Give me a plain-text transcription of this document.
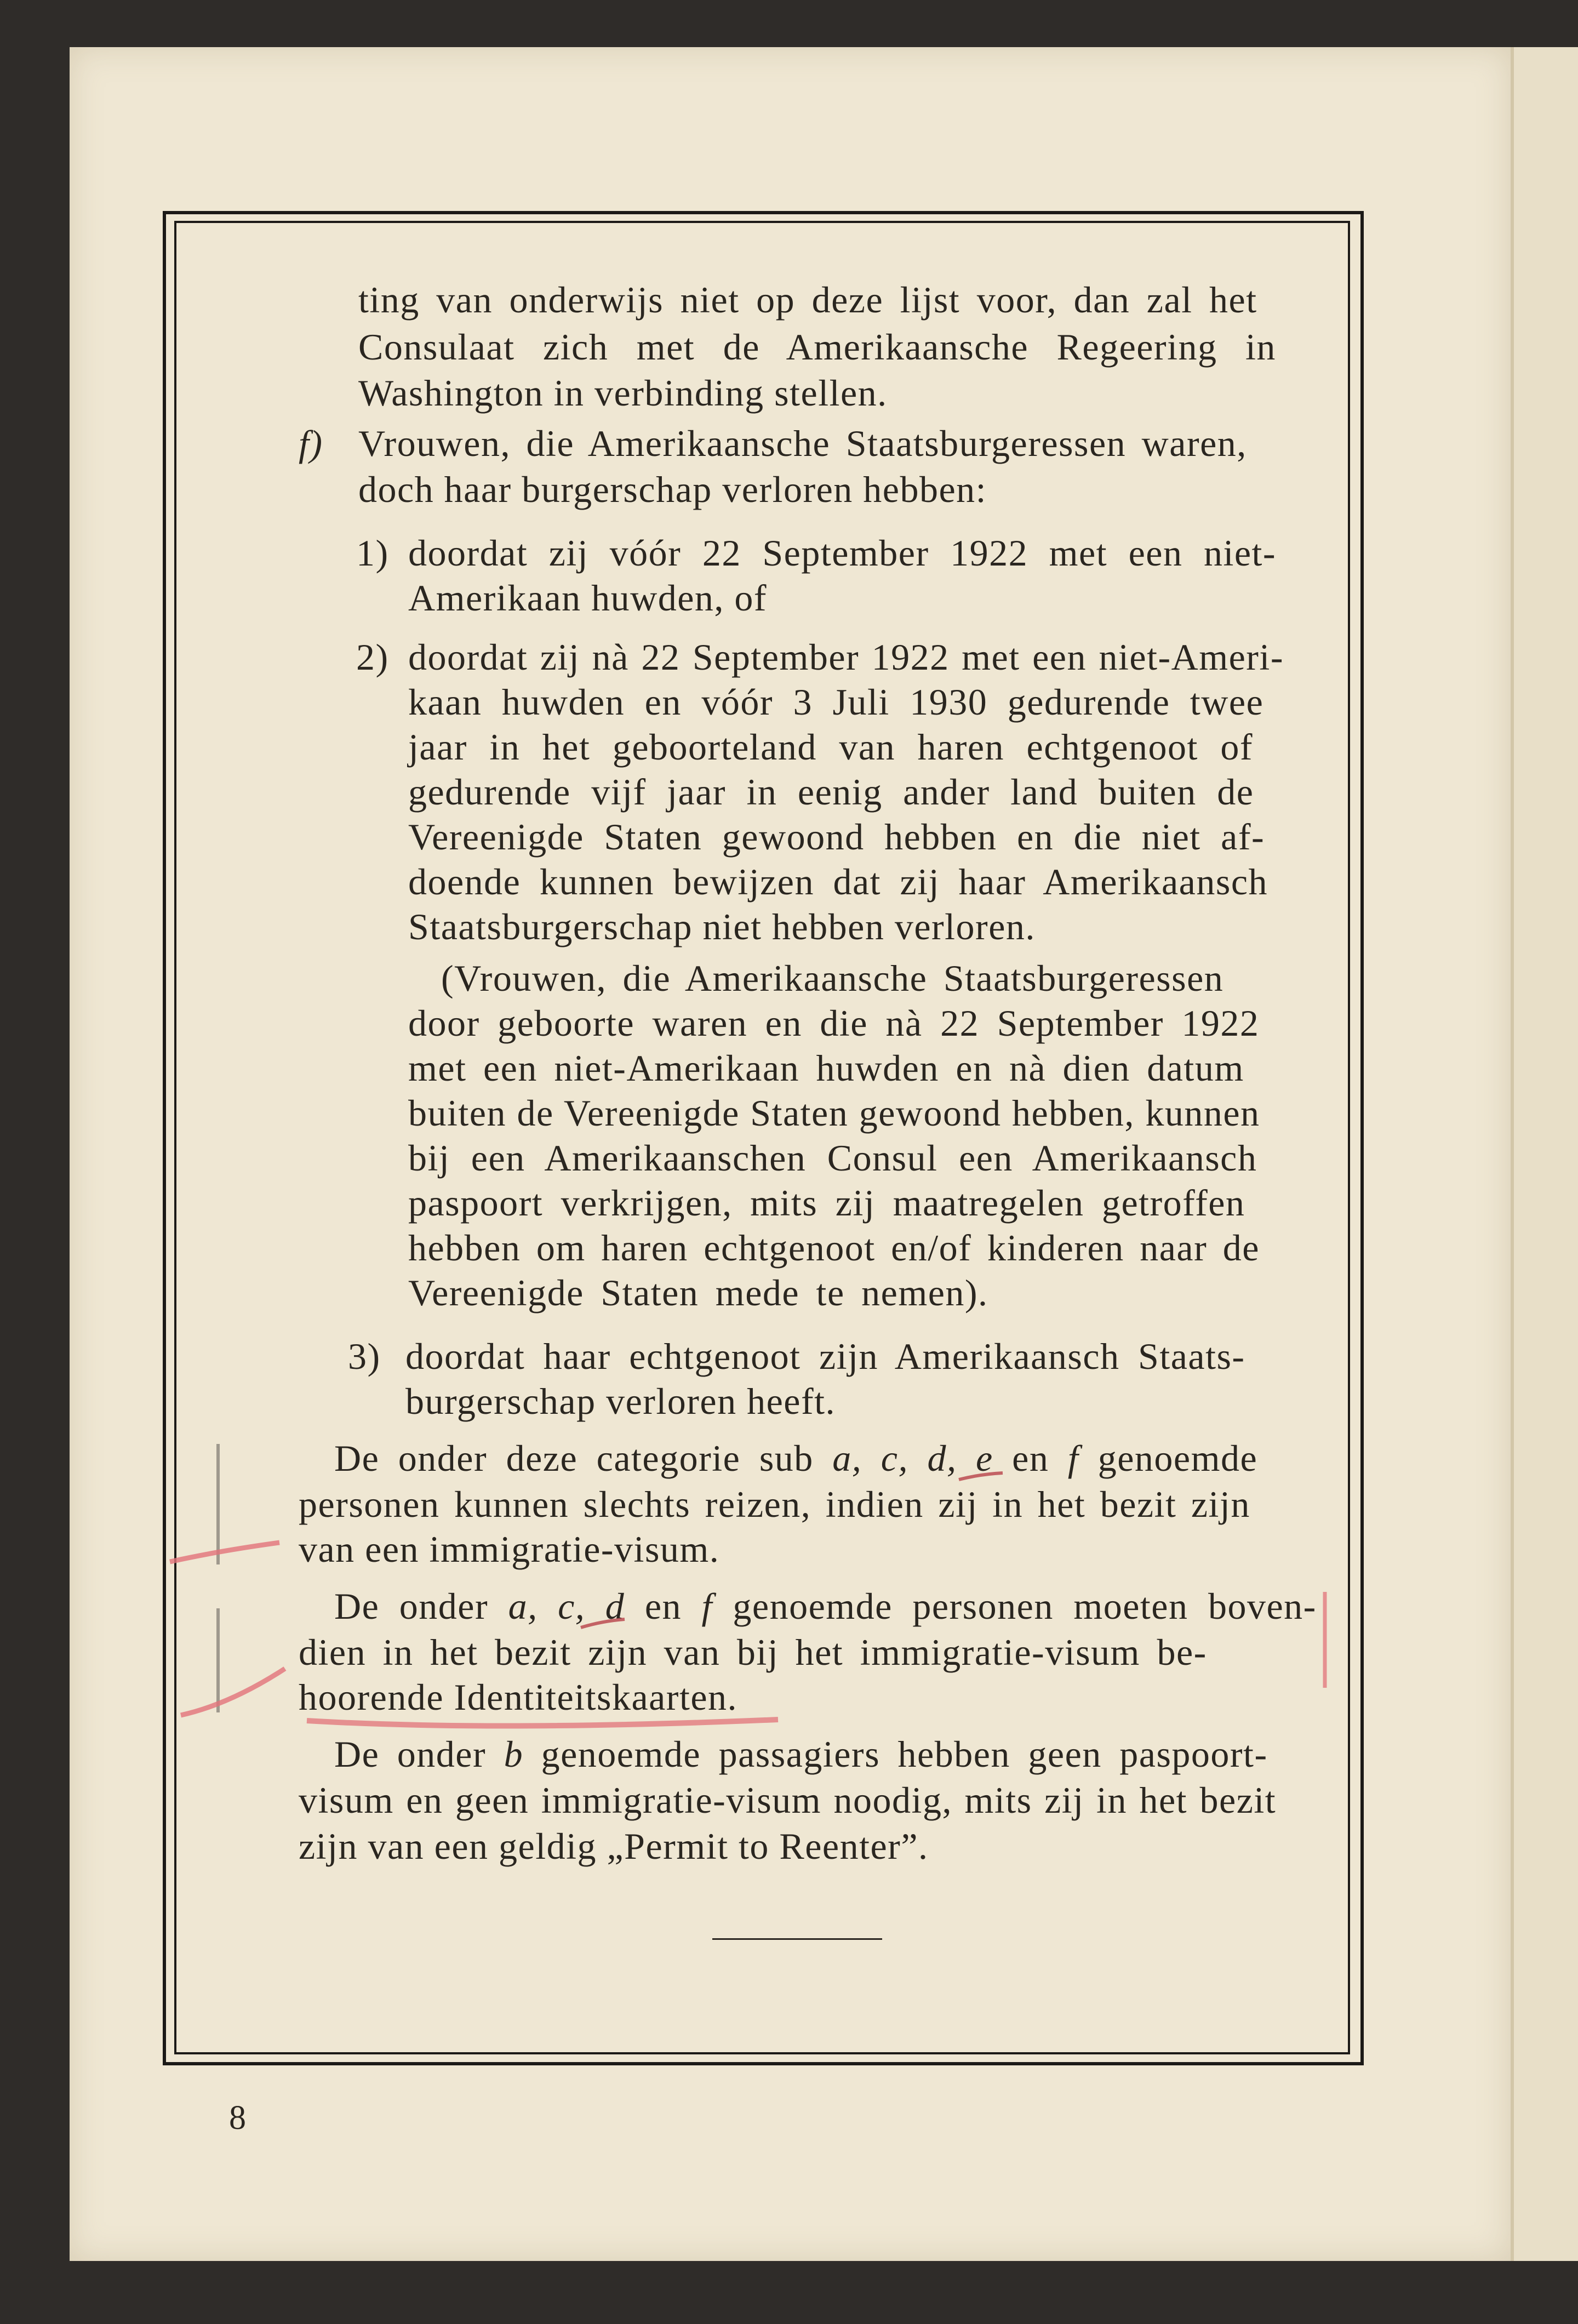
ting van onderwijs niet op deze lijst voor, dan zal het
Consulaat zich met de Amerikaansche Regeering in
Washington in verbinding stellen.
f) Vrouwen, die Amerikaansche Staatsburgeressen waren,
doch haar burgerschap verloren hebben:
1) doordat zij vóór 22 September 1922 met een niet-
Amerikaan huwden, of
2) doordat zij nà 22 September 1922 met een niet-Ameri-
kaan huwden en vóór 3 Juli 1930 gedurende twee
jaar in het geboorteland van haren echtgenoot of
gedurende vijf jaar in eenig ander land buiten de
Vereenigde Staten gewoond hebben en die niet af-
doende kunnen bewijzen dat zij haar Amerikaansch
Staatsburgerschap niet hebben verloren.
(Vrouwen, die Amerikaansche Staatsburgeressen
door geboorte waren en die nà 22 September 1922
met een niet-Amerikaan huwden en nà dien datum
buiten de Vereenigde Staten gewoond hebben, kunnen
bij een Amerikaanschen Consul een Amerikaansch
paspoort verkrijgen, mits zij maatregelen getroffen
hebben om haren echtgenoot en/of kinderen naar de
Vereenigde Staten mede te nemen).
3) doordat haar echtgenoot zijn Amerikaansch Staats-
burgerschap verloren heeft.
De onder deze categorie sub a, c, d, e en f genoemde
personen kunnen slechts reizen, indien zij in het bezit zijn
van een immigratie-visum.
De onder a, c, d en f genoemde personen moeten boven-
dien in het bezit zijn van bij het immigratie-visum be-
hoorende Identiteitskaarten.
De onder b genoemde passagiers hebben geen paspoort-
visum en geen immigratie-visum noodig, mits zij in het bezit
zijn van een geldig „Permit to Reenter”.
8
